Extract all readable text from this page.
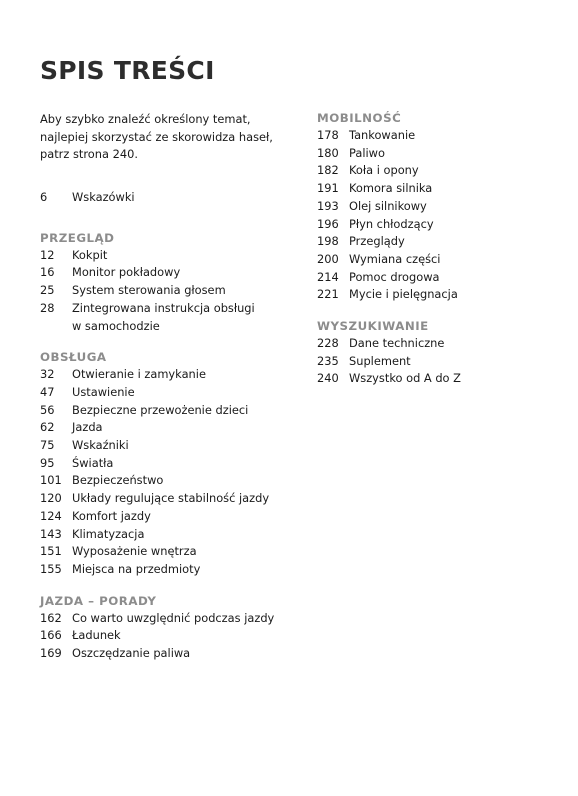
SPIS TREŚCI
Aby szybko znaleźć określony temat, najlepiej skorzystać ze skorowidza haseł, patrz strona 240.
6	Wskazówki
PRZEGLĄD
12	Kokpit
16	Monitor pokładowy
25	System sterowania głosem
28	Zintegrowana instrukcja obsługi w samochodzie
OBSŁUGA
32	Otwieranie i zamykanie
47	Ustawienie
56	Bezpieczne przewożenie dzieci
62	Jazda
75	Wskaźniki
95	Światła
101 Bezpieczeństwo
120 Układy regulujące stabilność jazdy
124 Komfort jazdy
143 Klimatyzacja
151 Wyposażenie wnętrza
155 Miejsca na przedmioty
JAZDA – PORADY
162 Co warto uwzględnić podczas jazdy
166 Ładunek
169 Oszczędzanie paliwa
MOBILNOŚĆ
178 Tankowanie
180 Paliwo
182 Koła i opony
191 Komora silnika
193 Olej silnikowy
196 Płyn chłodzący
198 Przeglądy
200 Wymiana części
214 Pomoc drogowa
221 Mycie i pielęgnacja
WYSZUKIWANIE
228 Dane techniczne
235 Suplement
240 Wszystko od A do Z
